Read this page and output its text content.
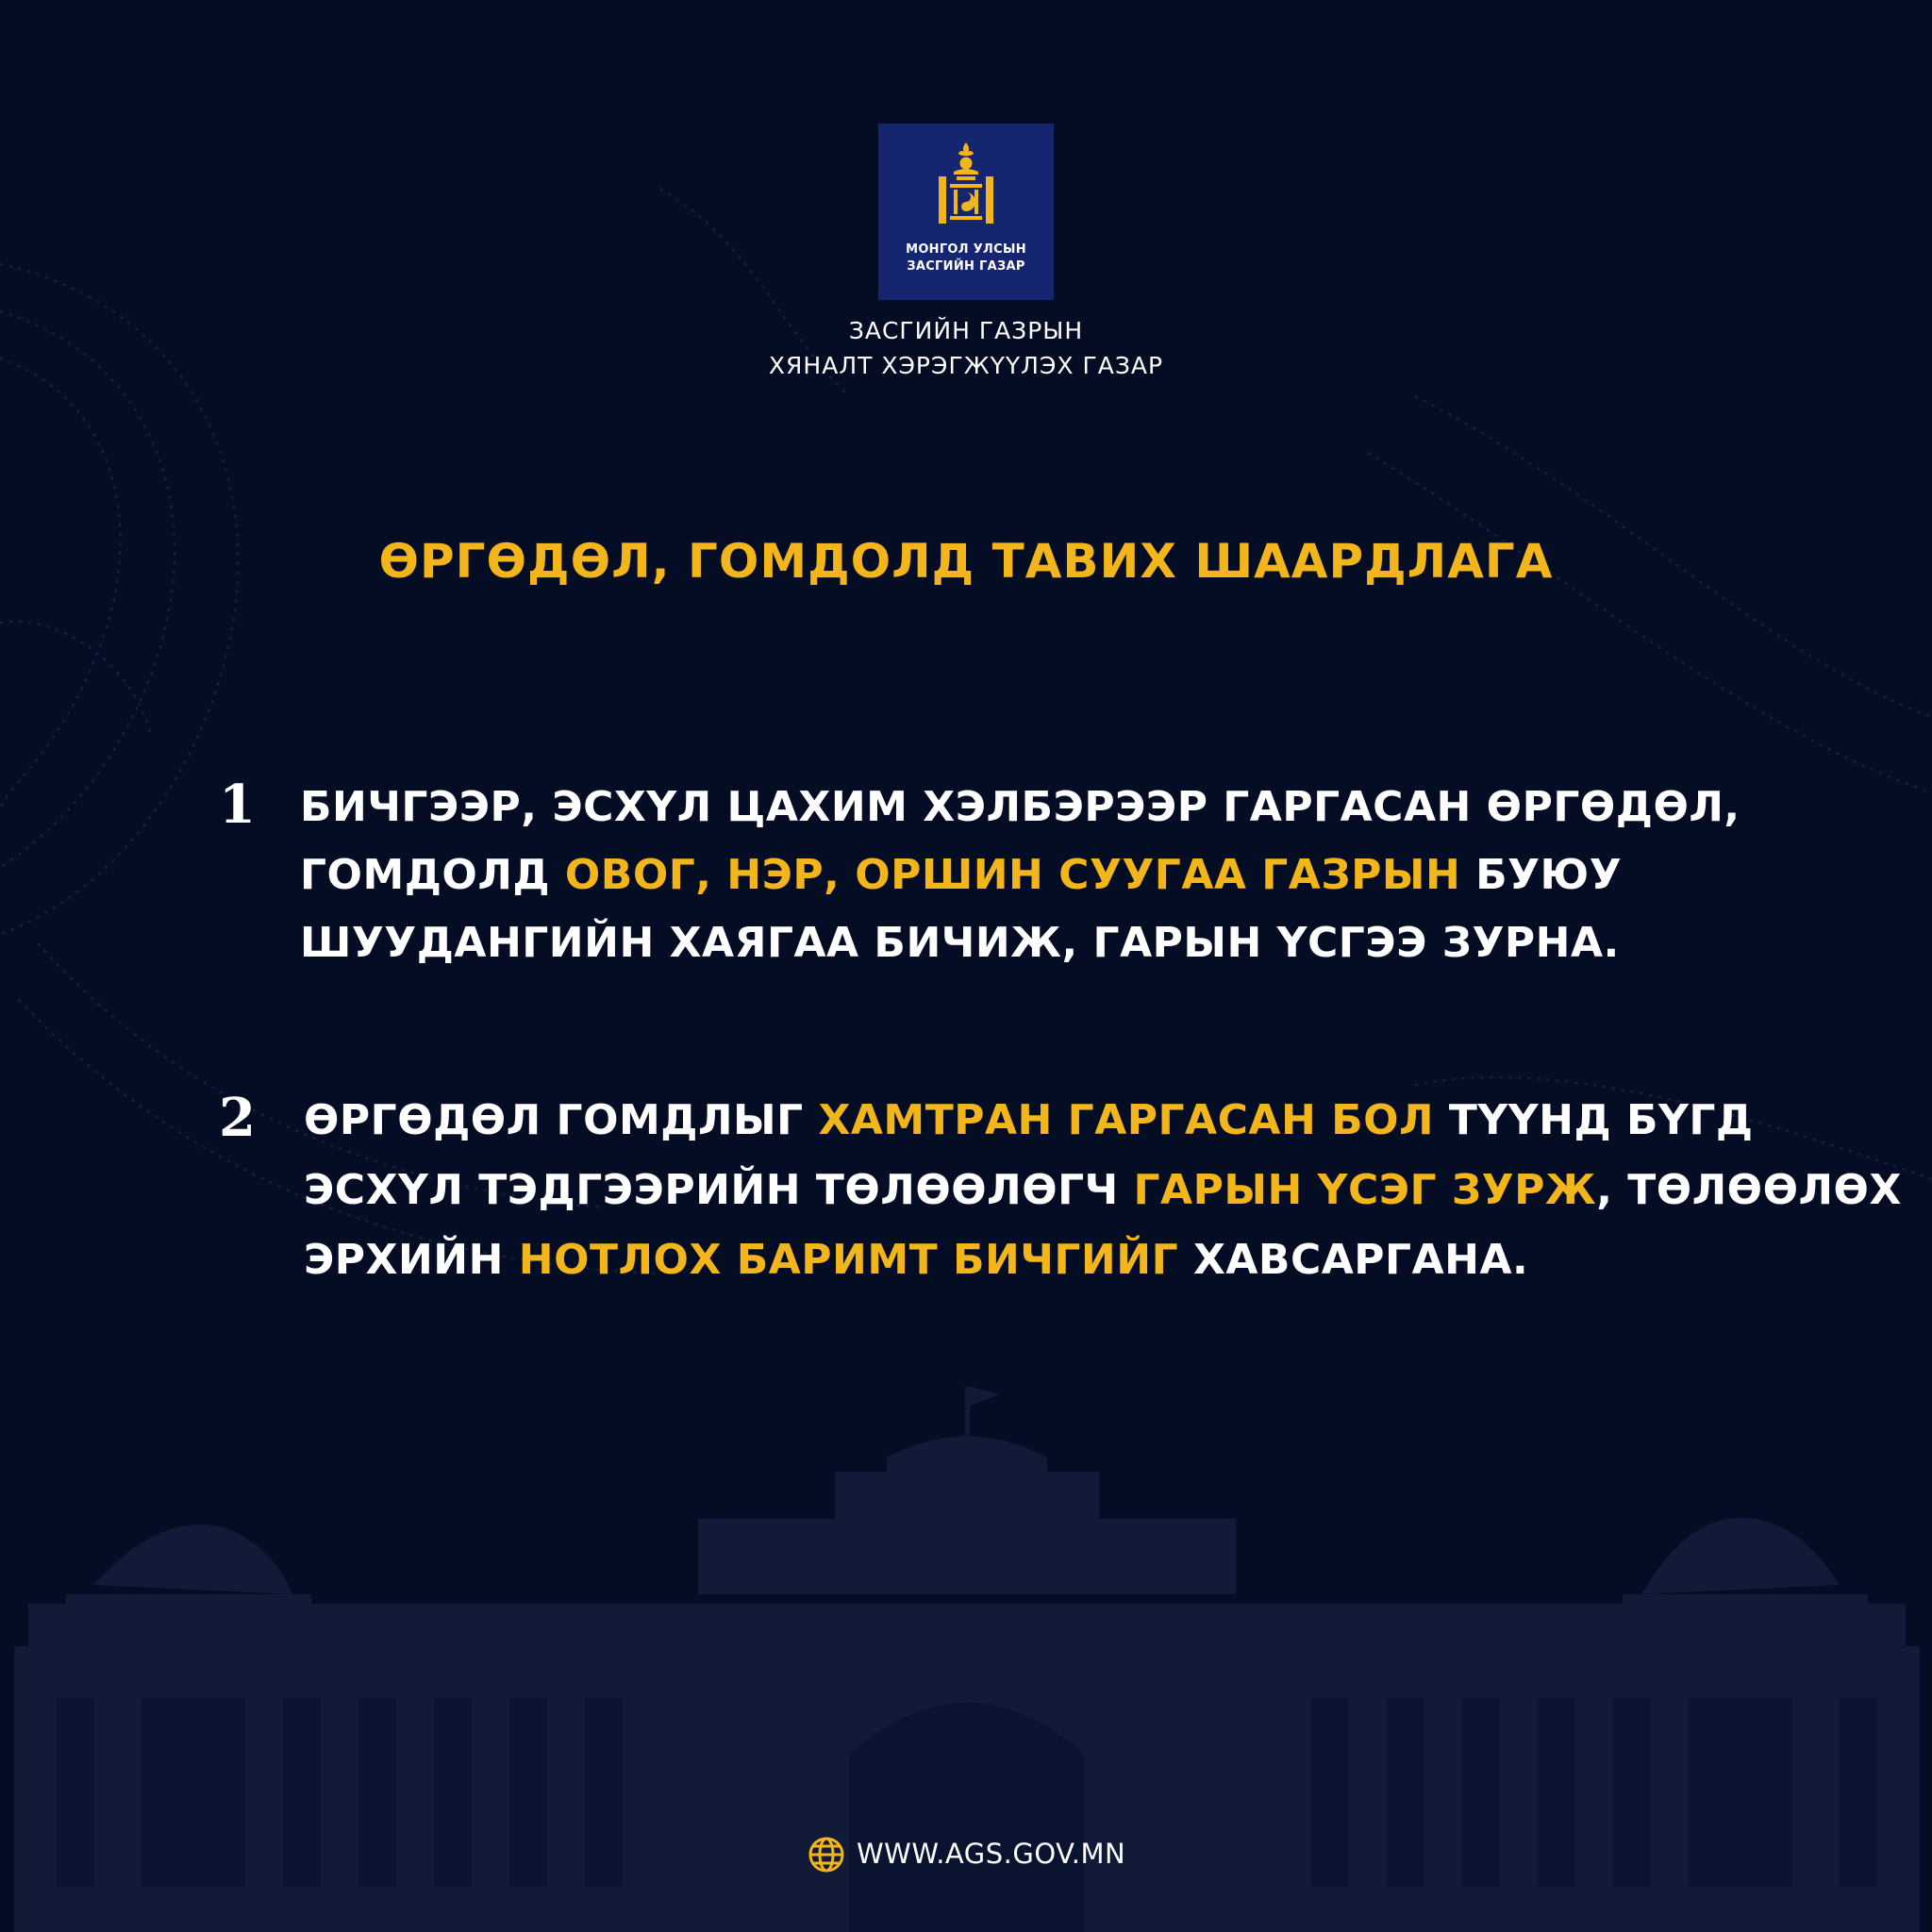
МОНГОЛ УЛСЫН
ЗАСГИЙН ГАЗАР
ЗАСГИЙН ГАЗРЫН
ХЯНАЛТ ХЭРЭГЖҮҮЛЭХ ГАЗАР
ӨРГӨДӨЛ, ГОМДОЛД ТАВИХ ШААРДЛАГА
1 БИЧГЭЭР, ЭСХҮЛ ЦАХИМ ХЭЛБЭРЭЭР ГАРГАСАН ӨРГӨДӨЛ,
ГОМДОЛД ОВОГ, НЭР, ОРШИН СУУГАА ГАЗРЫН БУЮУ
ШУУДАНГИЙН ХАЯГАА БИЧИЖ, ГАРЫН ҮСГЭЭ ЗУРНА.
2 ӨРГӨДӨЛ ГОМДЛЫГ ХАМТРАН ГАРГАСАН БОЛ ТҮҮНД БҮГД
ЭСХҮЛ ТЭДГЭЭРИЙН ТӨЛӨӨЛӨГЧ ГАРЫН ҮСЭГ ЗУРЖ, ТӨЛӨӨЛӨХ
ЭРХИЙН НОТЛОХ БАРИМТ БИЧГИЙГ ХАВСАРГАНА.
WWW.AGS.GOV.MN
